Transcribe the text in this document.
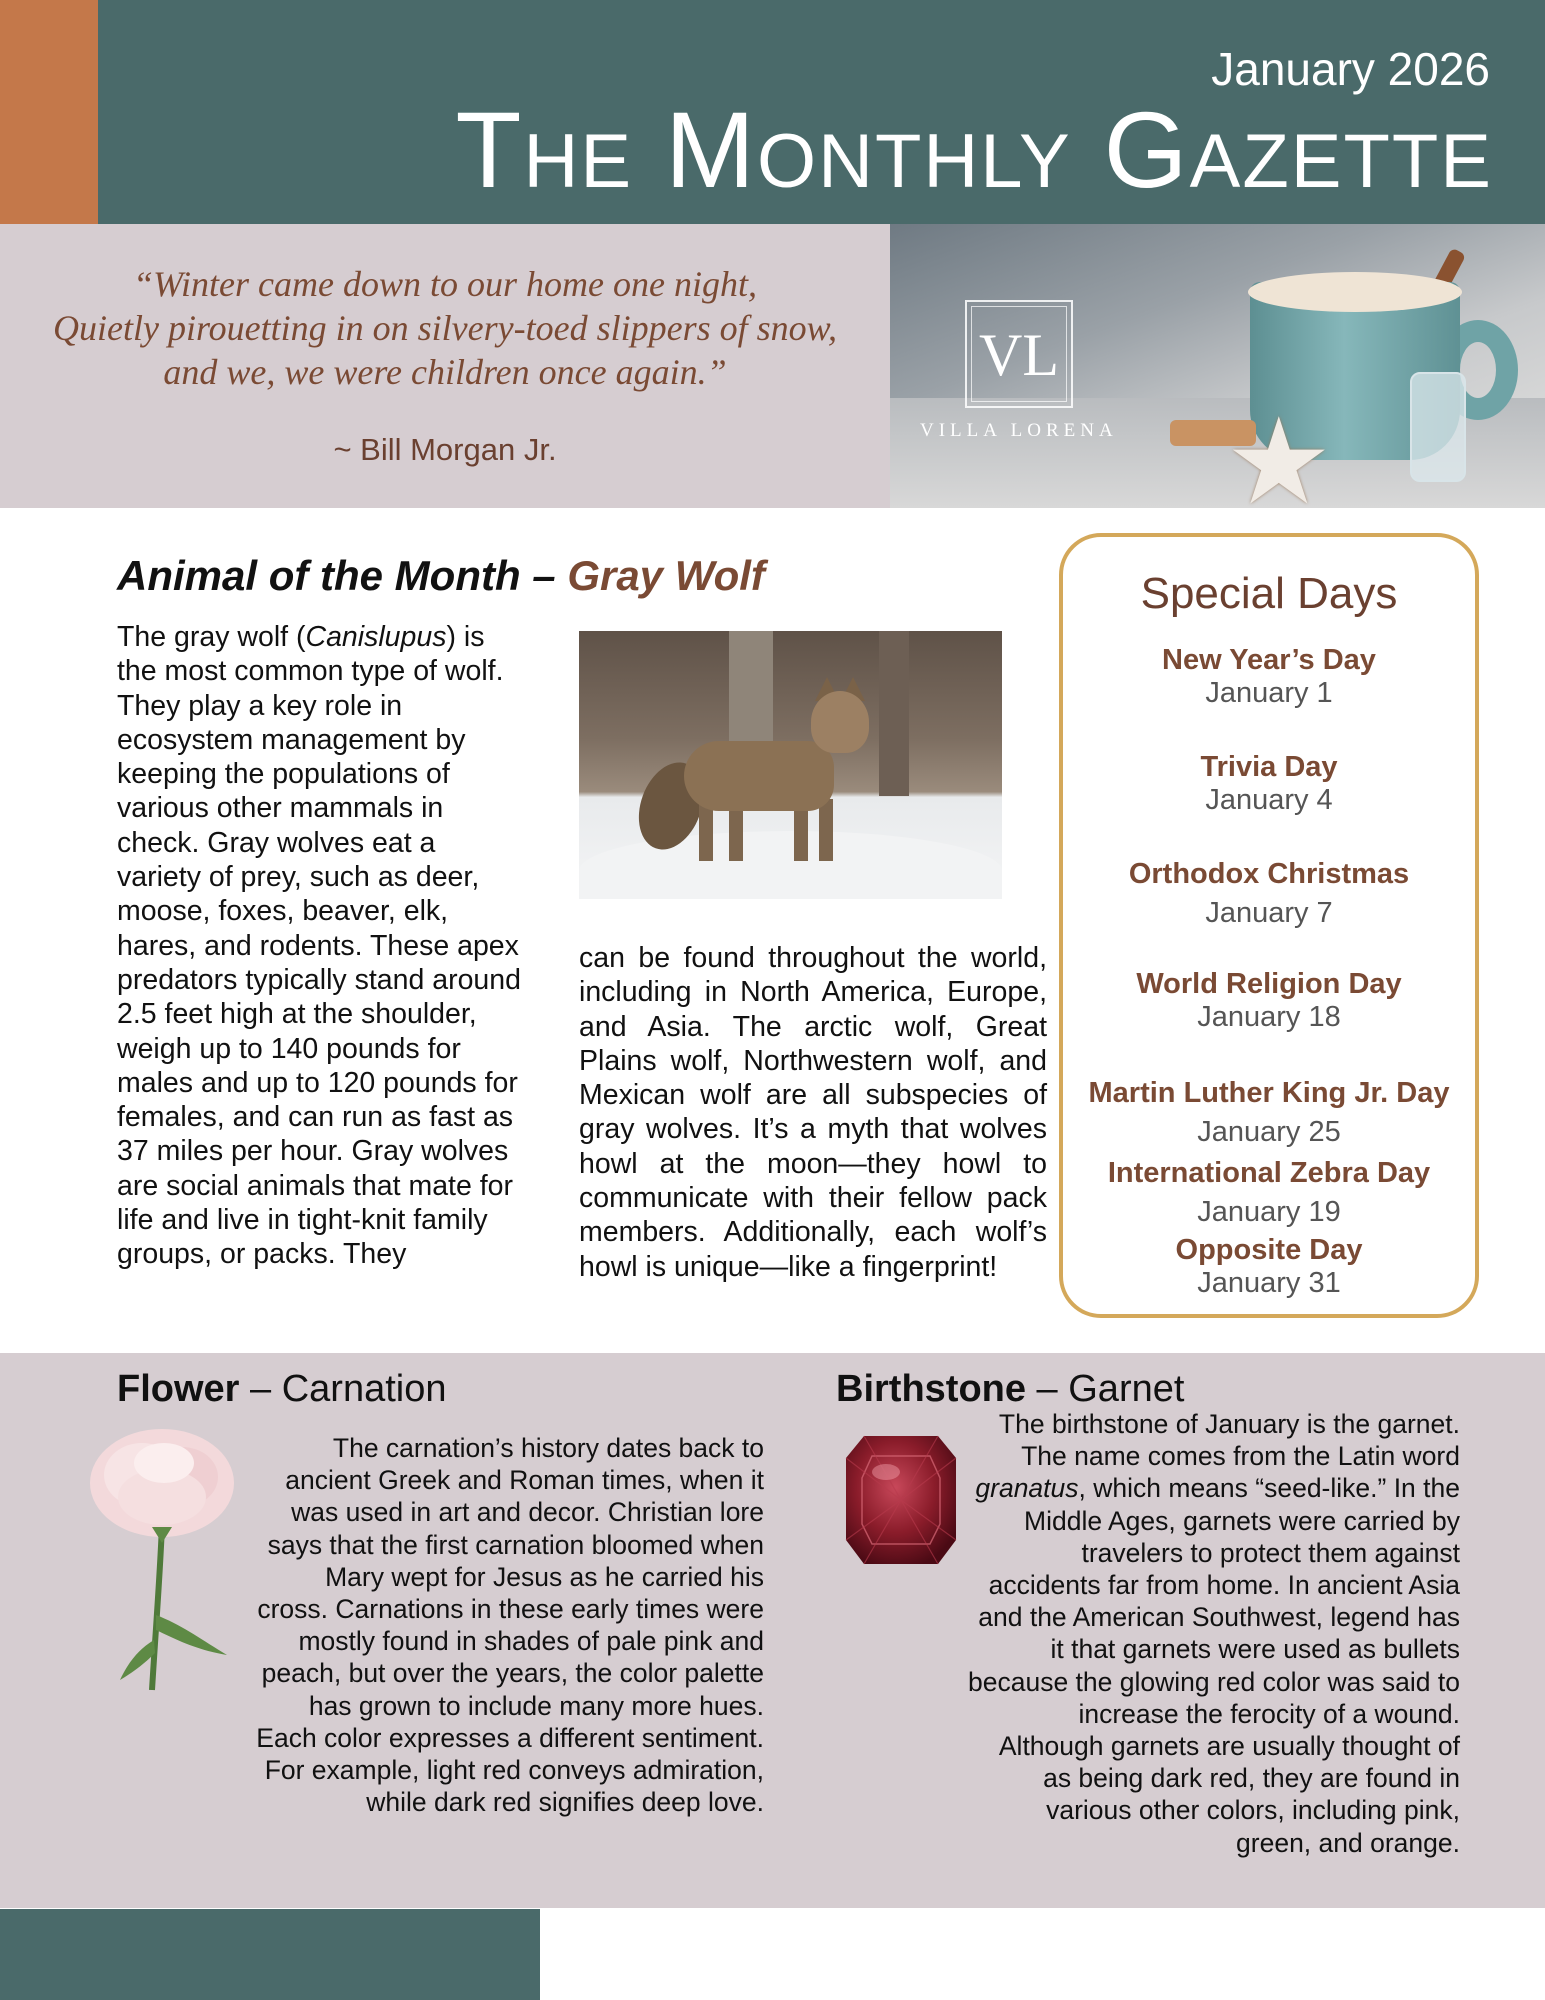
January 2026
The Monthly Gazette
“Winter came down to our home one night,
Quietly pirouetting in on silvery-toed slippers of snow,
and we, we were children once again.”
~ Bill Morgan Jr.	★
VL
VILLA LORENA
Animal of the Month – Gray Wolf
The gray wolf (Canislupus) is the most common type of wolf. They play a key role in ecosystem management by keeping the populations of various other mammals in check. Gray wolves eat a variety of prey, such as deer, moose, foxes, beaver, elk, hares, and rodents. These apex predators typically stand around 2.5 feet high at the shoulder, weigh up to 140 pounds for males and up to 120 pounds for females, and can run as fast as 37 miles per hour. Gray wolves are social animals that mate for life and live in tight-knit family groups, or packs. They
can be found throughout the world, including in North America, Europe, and Asia. The arctic wolf, Great Plains wolf, Northwestern wolf, and Mexican wolf are all subspecies of gray wolves. It’s a myth that wolves howl at the moon—they howl to communicate with their fellow pack members. Additionally, each wolf’s howl is unique—like a fingerprint!
Special Days
New Year’s Day
January 1
Trivia Day
January 4
Orthodox Christmas
January 7
World Religion Day
January 18
Martin Luther King Jr. Day
January 25
International Zebra Day
January 19
Opposite Day
January 31
Flower – Carnation
The carnation’s history dates back to ancient Greek and Roman times, when it was used in art and decor. Christian lore says that the first carnation bloomed when Mary wept for Jesus as he carried his cross. Carnations in these early times were mostly found in shades of pale pink and peach, but over the years, the color palette has grown to include many more hues. Each color expresses a different sentiment. For example, light red conveys admiration, while dark red signifies deep love.
Birthstone – Garnet
The birthstone of January is the garnet. The name comes from the Latin word granatus, which means “seed-like.” In the Middle Ages, garnets were carried by travelers to protect them against accidents far from home. In ancient Asia and the American Southwest, legend has it that garnets were used as bullets because the glowing red color was said to increase the ferocity of a wound. Although garnets are usually thought of as being dark red, they are found in various other colors, including pink, green, and orange.
